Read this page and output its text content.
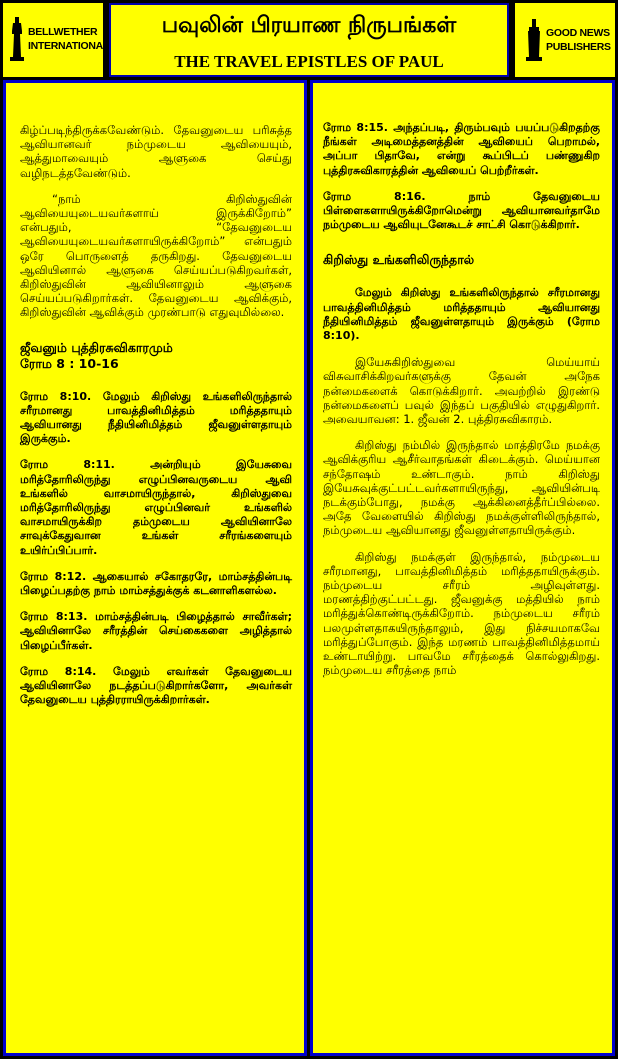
BELLWETHER
INTERNATIONAL
பவுலின் பிரயாண நிருபங்கள்
THE TRAVEL EPISTLES OF PAUL
GOOD NEWS
PUBLISHERS

கிழ்ப்படிந்திருக்கவேண்டும். தேவனுடைய பரிசுத்த ஆவியானவர் நம்முடைய ஆவியையும், ஆத்துமாவையும் ஆளுகை செய்து வழிநடத்தவேண்டும்.

“நாம் கிறிஸ்துவின் ஆவியையுடையவர்களாய் இருக்கிறோம்” என்பதும், “தேவனுடைய ஆவியையுடையவர்களாயிருக்கிறோம்” என்பதும் ஒரே பொருளைத் தருகிறது. தேவனுடைய ஆவியினால் ஆளுகை செய்யப்படுகிறவர்கள், கிறிஸ்துவின் ஆவியினாலும் ஆளுகை செய்யப்படுகிறார்கள். தேவனுடைய ஆவிக்கும், கிறிஸ்துவின் ஆவிக்கும் முரண்பாடு எதுவுமில்லை.

ஜீவனும் புத்திரசுவிகாரமும்
ரோம 8 : 10-16

ரோம 8:10. மேலும் கிறிஸ்து உங்களிலிருந்தால் சரீரமானது பாவத்தினிமித்தம் மரித்ததாயும் ஆவியானது நீதியினிமித்தம் ஜீவனுள்ளதாயும் இருக்கும்.

ரோம 8:11. அன்றியும் இயேசுவை மரித்தோரிலிருந்து எழுப்பினவருடைய ஆவி உங்களில் வாசமாயிருந்தால், கிறிஸ்துவை மரித்தோரிலிருந்து எழுப்பினவர் உங்களில் வாசமாயிருக்கிற தம்முடைய ஆவியினாலே சாவுக்கேதுவான உங்கள் சரீரங்களையும் உயிர்ப்பிப்பார்.

ரோம 8:12. ஆகையால் சகோதரரே, மாம்சத்தின்படி பிழைப்பதற்கு நாம் மாம்சத்துக்குக் கடனாளிகளல்ல.

ரோம 8:13. மாம்சத்தின்படி பிழைத்தால் சாவீர்கள்; ஆவியினாலே சரீரத்தின் செய்கைகளை அழித்தால் பிழைப்பீர்கள்.

ரோம 8:14. மேலும் எவர்கள் தேவனுடைய ஆவியினாலே நடத்தப்படுகிறார்களோ, அவர்கள் தேவனுடைய புத்திரராயிருக்கிறார்கள்.

ரோம 8:15. அந்தப்படி, திரும்பவும் பயப்படுகிறதற்கு நீங்கள் அடிமைத்தனத்தின் ஆவியைப் பெறாமல், அப்பா பிதாவே, என்று கூப்பிடப் பண்ணுகிற புத்திரசுவிகாரத்தின் ஆவியைப் பெற்றீர்கள்.

ரோம 8:16. நாம் தேவனுடைய பிள்ளைகளாயிருக்கிறோமென்று ஆவியானவர்தாமே நம்முடைய ஆவியுடனேகூடச் சாட்சி கொடுக்கிறார்.

கிறிஸ்து உங்களிலிருந்தால்

மேலும் கிறிஸ்து உங்களிலிருந்தால் சரீரமானது பாவத்தினிமித்தம் மரித்ததாயும் ஆவியானது நீதியினிமித்தம் ஜீவனுள்ளதாயும் இருக்கும் (ரோம 8:10).

இயேசுகிறிஸ்துவை மெய்யாய் விசுவாசிக்கிறவர்களுக்கு தேவன் அநேக நன்மைகளைக் கொடுக்கிறார். அவற்றில் இரண்டு நன்மைகளைப் பவுல் இந்தப் பகுதியில் எழுதுகிறார். அவையாவன: 1. ஜீவன் 2. புத்திரசுவிகாரம்.

கிறிஸ்து நம்மில் இருந்தால் மாத்திரமே நமக்கு ஆவிக்குரிய ஆசீர்வாதங்கள் கிடைக்கும். மெய்யான சந்தோஷம் உண்டாகும். நாம் கிறிஸ்து இயேசுவுக்குட்பட்டவர்களாயிருந்து, ஆவியின்படி நடக்கும்போது, நமக்கு ஆக்கினைத்தீர்ப்பில்லை. அதே வேளையில் கிறிஸ்து நமக்குள்ளிலிருந்தால், நம்முடைய ஆவியானது ஜீவனுள்ளதாயிருக்கும்.

கிறிஸ்து நமக்குள் இருந்தால், நம்முடைய சரீரமானது, பாவத்தினிமித்தம் மரித்ததாயிருக்கும். நம்முடைய சரீரம் அழிவுள்ளது. மரணத்திற்குட்பட்டது. ஜீவனுக்கு மத்தியில் நாம் மரித்துக்கொண்டிருக்கிறோம். நம்முடைய சரீரம் பலமுள்ளதாகயிருந்தாலும், இது நிச்சயமாகவே மரித்துப்போகும். இந்த மரணம் பாவத்தினிமித்தமாய் உண்டாயிற்று. பாவமே சரீரத்தைக் கொல்லுகிறது. நம்முடைய சரீரத்தை நாம்
